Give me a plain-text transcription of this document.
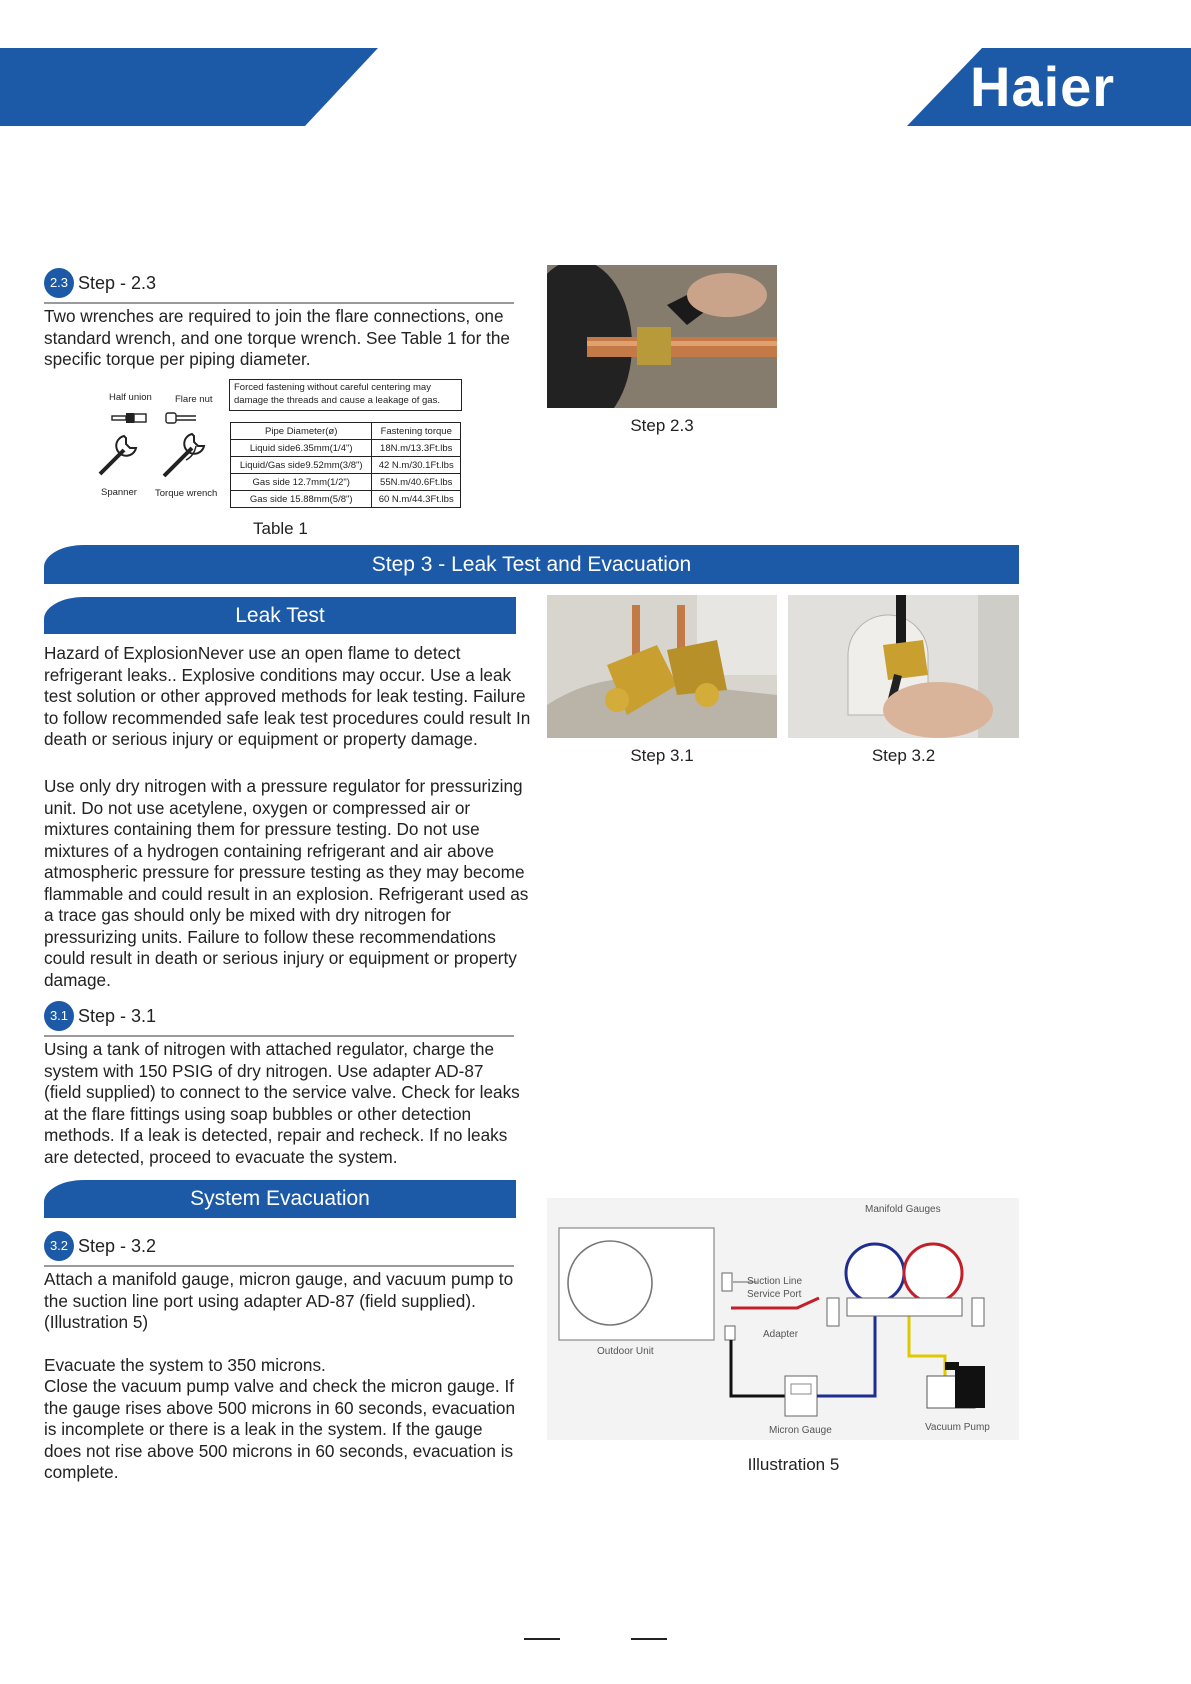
Haier
2.3 Step - 2.3

Two wrenches are required to join the flare connections, one standard wrench, and one torque wrench. See Table 1 for the specific torque per piping diameter.

Half union Flare nut
Spanner Torque wrench
Forced fastening without careful centering may damage the threads and cause a leakage of gas.
Pipe Diameter(ø)	Fastening torque
Liquid side6.35mm(1/4")	18N.m/13.3Ft.lbs
Liquid/Gas side9.52mm(3/8")	42 N.m/30.1Ft.lbs
Gas side 12.7mm(1/2")	55N.m/40.6Ft.lbs
Gas side 15.88mm(5/8")	60 N.m/44.3Ft.lbs
Table 1
Step 2.3
Step 3 - Leak Test and Evacuation
Leak Test

Hazard of ExplosionNever use an open flame to detect refrigerant leaks.. Explosive conditions may occur. Use a leak test solution or other approved methods for leak testing. Failure to follow recommended safe leak test procedures could result In death or serious injury or equipment or property damage.

Use only dry nitrogen with a pressure regulator for pressurizing unit. Do not use acetylene, oxygen or compressed air or mixtures containing them for pressure testing. Do not use mixtures of a hydrogen containing refrigerant and air above atmospheric pressure for pressure testing as they may become flammable and could result in an explosion. Refrigerant used as a trace gas should only be mixed with dry nitrogen for pressurizing units. Failure to follow these recommendations could result in death or serious injury or equipment or property damage.

Step 3.1	Step 3.2
3.1 Step - 3.1

Using a tank of nitrogen with attached regulator, charge the system with 150 PSIG of dry nitrogen. Use adapter AD-87 (field supplied) to connect to the service valve. Check for leaks at the flare fittings using soap bubbles or other detection methods. If a leak is detected, repair and recheck. If no leaks are detected, proceed to evacuate the system.

System Evacuation
3.2 Step - 3.2

Attach a manifold gauge, micron gauge, and vacuum pump to the suction line port using adapter AD-87 (field supplied). (Illustration 5)

Evacuate the system to 350 microns.

Close the vacuum pump valve and check the micron gauge. If the gauge rises above 500 microns in 60 seconds, evacuation is incomplete or there is a leak in the system. If the gauge does not rise above 500 microns in 60 seconds, evacuation is complete.

Outdoor Unit
Suction Line
Service Port
Adapter
Micron Gauge
Manifold Gauges
Vacuum Pump
Illustration 5
